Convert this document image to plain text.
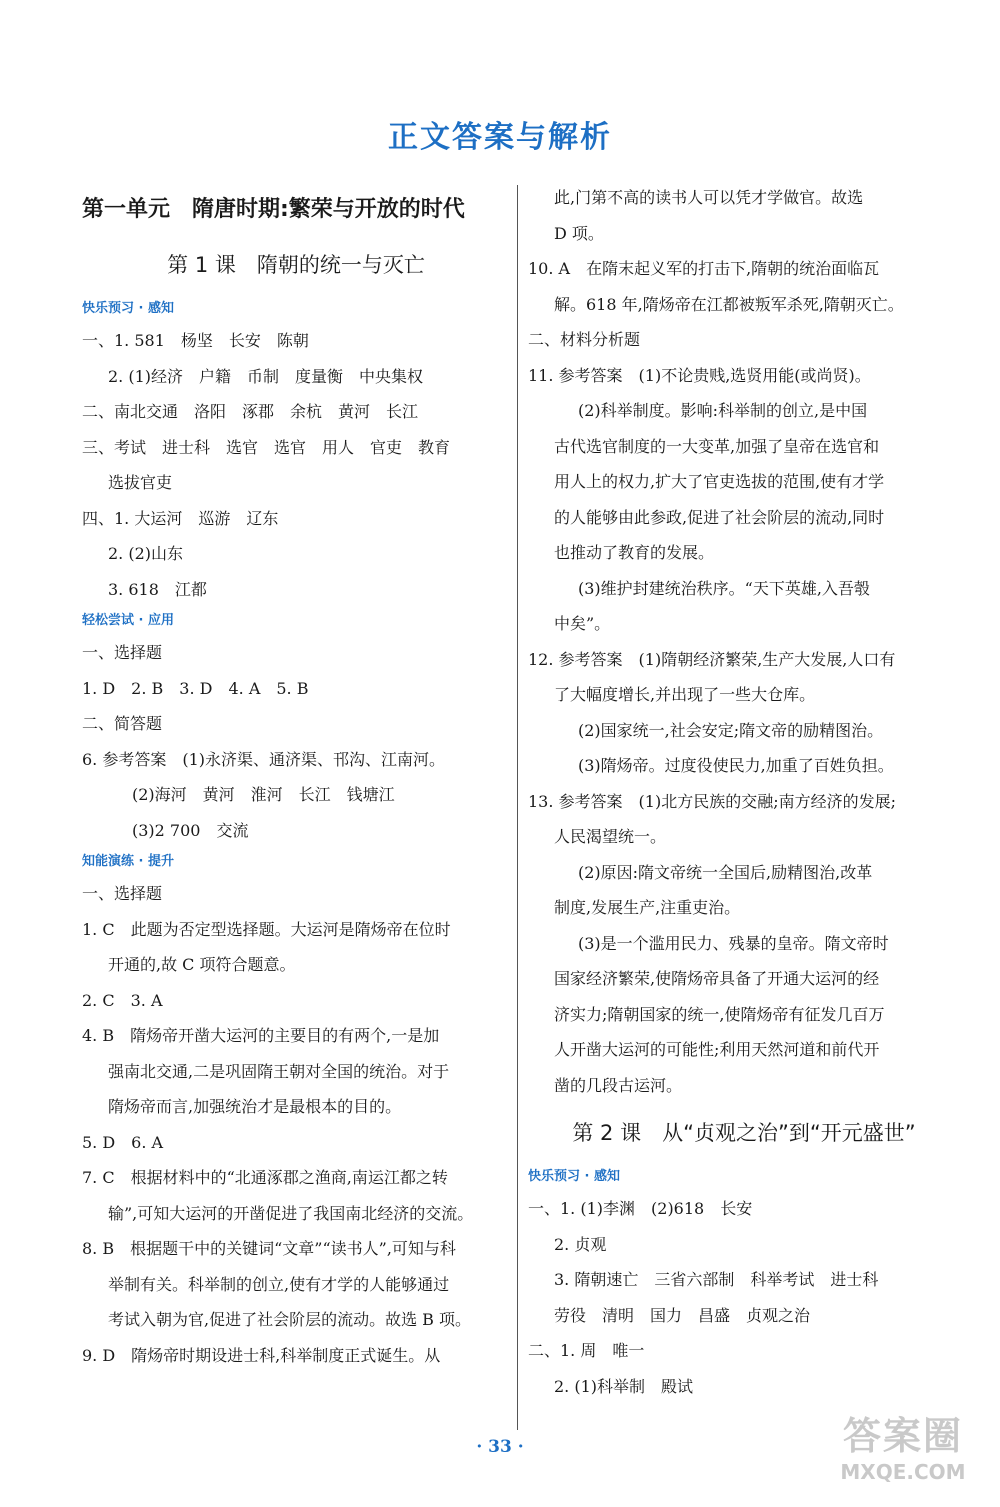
正文答案与解析
第一单元　隋唐时期:繁荣与开放的时代
第 1 课　隋朝的统一与灭亡
快乐预习 · 感知
一、1. 581　杨坚　长安　陈朝
2. (1)经济　户籍　币制　度量衡　中央集权
二、南北交通　洛阳　涿郡　余杭　黄河　长江
三、考试　进士科　选官　选官　用人　官吏　教育
选拔官吏
四、1. 大运河　巡游　辽东
2. (2)山东
3. 618　江都
轻松尝试 · 应用
一、选择题
1. D　2. B　3. D　4. A　5. B
二、简答题
6. 参考答案　(1)永济渠、通济渠、邗沟、江南河。
(2)海河　黄河　淮河　长江　钱塘江
(3)2 700　交流
知能演练 · 提升
一、选择题
1. C　此题为否定型选择题。大运河是隋炀帝在位时
开通的,故 C 项符合题意。
2. C　3. A
4. B　隋炀帝开凿大运河的主要目的有两个,一是加
强南北交通,二是巩固隋王朝对全国的统治。对于
隋炀帝而言,加强统治才是最根本的目的。
5. D　6. A
7. C　根据材料中的“北通涿郡之渔商,南运江都之转
输”,可知大运河的开凿促进了我国南北经济的交流。
8. B　根据题干中的关键词“文章”“读书人”,可知与科
举制有关。科举制的创立,使有才学的人能够通过
考试入朝为官,促进了社会阶层的流动。故选 B 项。
9. D　隋炀帝时期设进士科,科举制度正式诞生。从
此,门第不高的读书人可以凭才学做官。故选
D 项。
10. A　在隋末起义军的打击下,隋朝的统治面临瓦
解。618 年,隋炀帝在江都被叛军杀死,隋朝灭亡。
二、材料分析题
11. 参考答案　(1)不论贵贱,选贤用能(或尚贤)。
(2)科举制度。影响:科举制的创立,是中国
古代选官制度的一大变革,加强了皇帝在选官和
用人上的权力,扩大了官吏选拔的范围,使有才学
的人能够由此参政,促进了社会阶层的流动,同时
也推动了教育的发展。
(3)维护封建统治秩序。“天下英雄,入吾彀
中矣”。
12. 参考答案　(1)隋朝经济繁荣,生产大发展,人口有
了大幅度增长,并出现了一些大仓库。
(2)国家统一,社会安定;隋文帝的励精图治。
(3)隋炀帝。过度役使民力,加重了百姓负担。
13. 参考答案　(1)北方民族的交融;南方经济的发展;
人民渴望统一。
(2)原因:隋文帝统一全国后,励精图治,改革
制度,发展生产,注重吏治。
(3)是一个滥用民力、残暴的皇帝。隋文帝时
国家经济繁荣,使隋炀帝具备了开通大运河的经
济实力;隋朝国家的统一,使隋炀帝有征发几百万
人开凿大运河的可能性;利用天然河道和前代开
凿的几段古运河。
第 2 课　从“贞观之治”到“开元盛世”
快乐预习 · 感知
一、1. (1)李渊　(2)618　长安
2. 贞观
3. 隋朝速亡　三省六部制　科举考试　进士科
劳役　清明　国力　昌盛　贞观之治
二、1. 周　唯一
2. (1)科举制　殿试
· 33 ·	答案圈
MXQE.COM
